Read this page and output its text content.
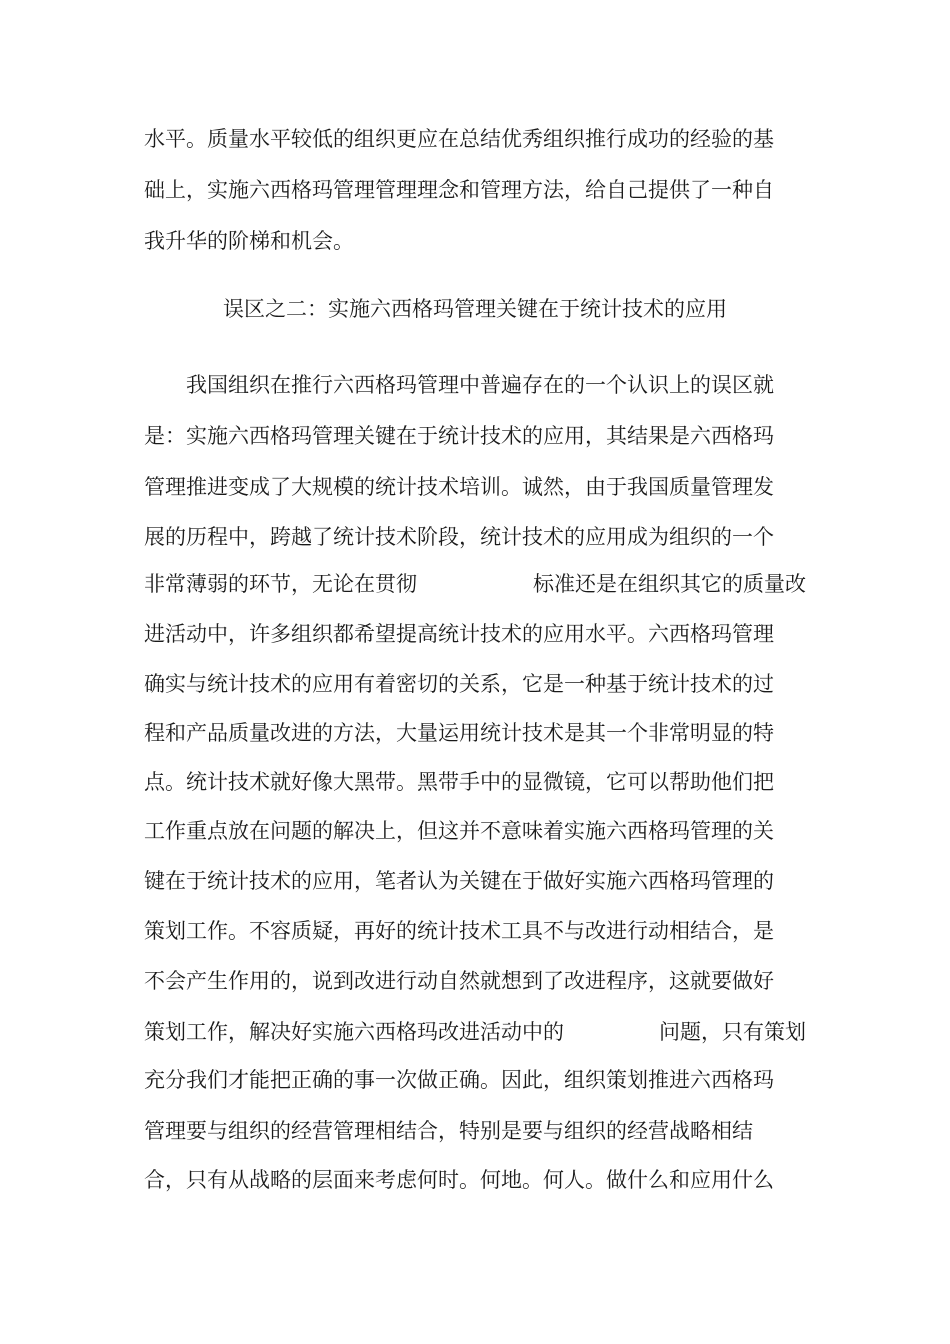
水平。质量水平较低的组织更应在总结优秀组织推行成功的经验的基
础上，实施六西格玛管理管理理念和管理方法，给自己提供了一种自
我升华的阶梯和机会。
误区之二：实施六西格玛管理关键在于统计技术的应用
我国组织在推行六西格玛管理中普遍存在的一个认识上的误区就
是：实施六西格玛管理关键在于统计技术的应用，其结果是六西格玛
管理推进变成了大规模的统计技术培训。诚然，由于我国质量管理发
展的历程中，跨越了统计技术阶段，统计技术的应用成为组织的一个
非常薄弱的环节，无论在贯彻	标准还是在组织其它的质量改
进活动中，许多组织都希望提高统计技术的应用水平。六西格玛管理
确实与统计技术的应用有着密切的关系，它是一种基于统计技术的过
程和产品质量改进的方法，大量运用统计技术是其一个非常明显的特
点。统计技术就好像大黑带。黑带手中的显微镜，它可以帮助他们把
工作重点放在问题的解决上，但这并不意味着实施六西格玛管理的关
键在于统计技术的应用，笔者认为关键在于做好实施六西格玛管理的
策划工作。不容质疑，再好的统计技术工具不与改进行动相结合，是
不会产生作用的，说到改进行动自然就想到了改进程序，这就要做好
策划工作，解决好实施六西格玛改进活动中的	问题，只有策划
充分我们才能把正确的事一次做正确。因此，组织策划推进六西格玛
管理要与组织的经营管理相结合，特别是要与组织的经营战略相结
合，只有从战略的层面来考虑何时。何地。何人。做什么和应用什么
